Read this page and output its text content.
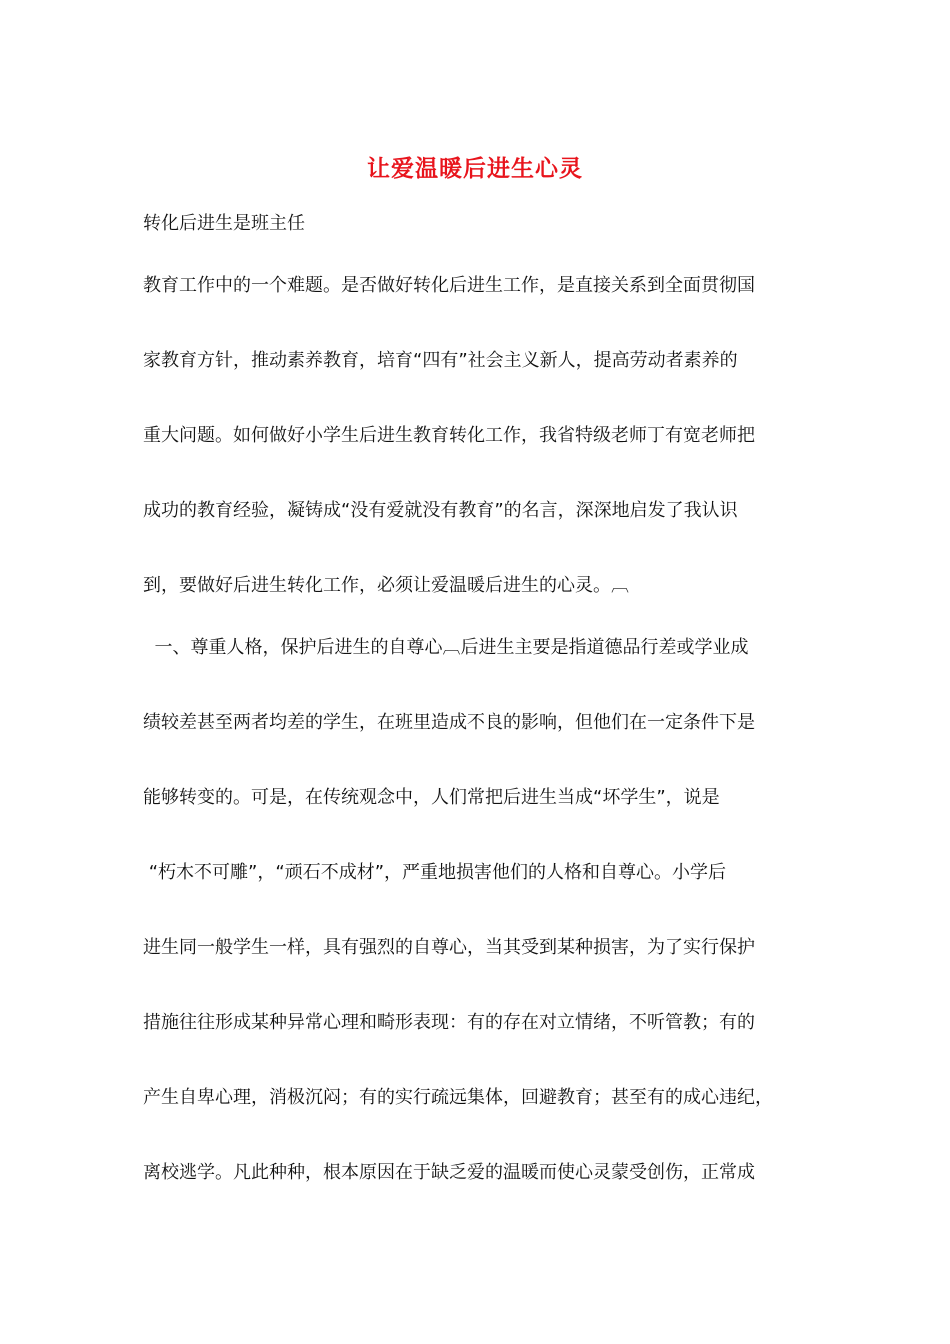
让爱温暖后进生心灵
转化后进生是班主任
教育工作中的一个难题。是否做好转化后进生工作，是直接关系到全面贯彻国
家教育方针，推动素养教育，培育“四有”社会主义新人，提高劳动者素养的
重大问题。如何做好小学生后进生教育转化工作，我省特级老师丁有宽老师把
成功的教育经验，凝铸成“没有爱就没有教育”的名言，深深地启发了我认识
到，要做好后进生转化工作，必须让爱温暖后进生的心灵。︹
一、尊重人格，保护后进生的自尊心︹后进生主要是指道德品行差或学业成
绩较差甚至两者均差的学生，在班里造成不良的影响，但他们在一定条件下是
能够转变的。可是，在传统观念中，人们常把后进生当成“坏学生”，说是
“朽木不可雕”，“顽石不成材”，严重地损害他们的人格和自尊心。小学后
进生同一般学生一样，具有强烈的自尊心，当其受到某种损害，为了实行保护
措施往往形成某种异常心理和畸形表现：有的存在对立情绪，不听管教；有的
产生自卑心理，消极沉闷；有的实行疏远集体，回避教育；甚至有的成心违纪，
离校逃学。凡此种种，根本原因在于缺乏爱的温暖而使心灵蒙受创伤，正常成
